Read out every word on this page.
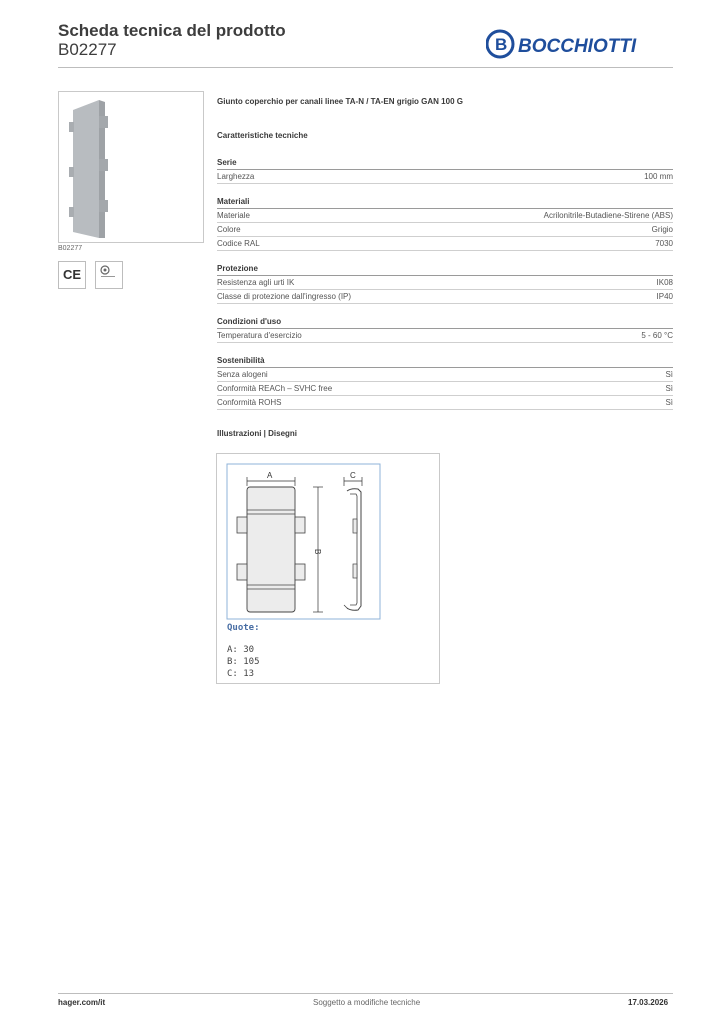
Scheda tecnica del prodotto
B02277	B BOCCHIOTTI
B02277
CE
Giunto coperchio per canali linee TA-N / TA-EN grigio GAN 100 G
Caratteristiche tecniche
Serie
Larghezza	100 mm
Materiali
Materiale	Acrilonitrile-Butadiene-Stirene (ABS)
Colore	Grigio
Codice RAL	7030
Protezione
Resistenza agli urti IK	IK08
Classe di protezione dall'ingresso (IP)	IP40
Condizioni d'uso
Temperatura d'esercizio	5 - 60 °C
Sostenibilità
Senza alogeni	Sì
Conformità REACh – SVHC free	Sì
Conformità ROHS	Sì
Illustrazioni | Disegni
A
B
C
Quote:
A: 30
B: 105
C: 13
hager.com/it	Soggetto a modifiche tecniche	17.03.2026
